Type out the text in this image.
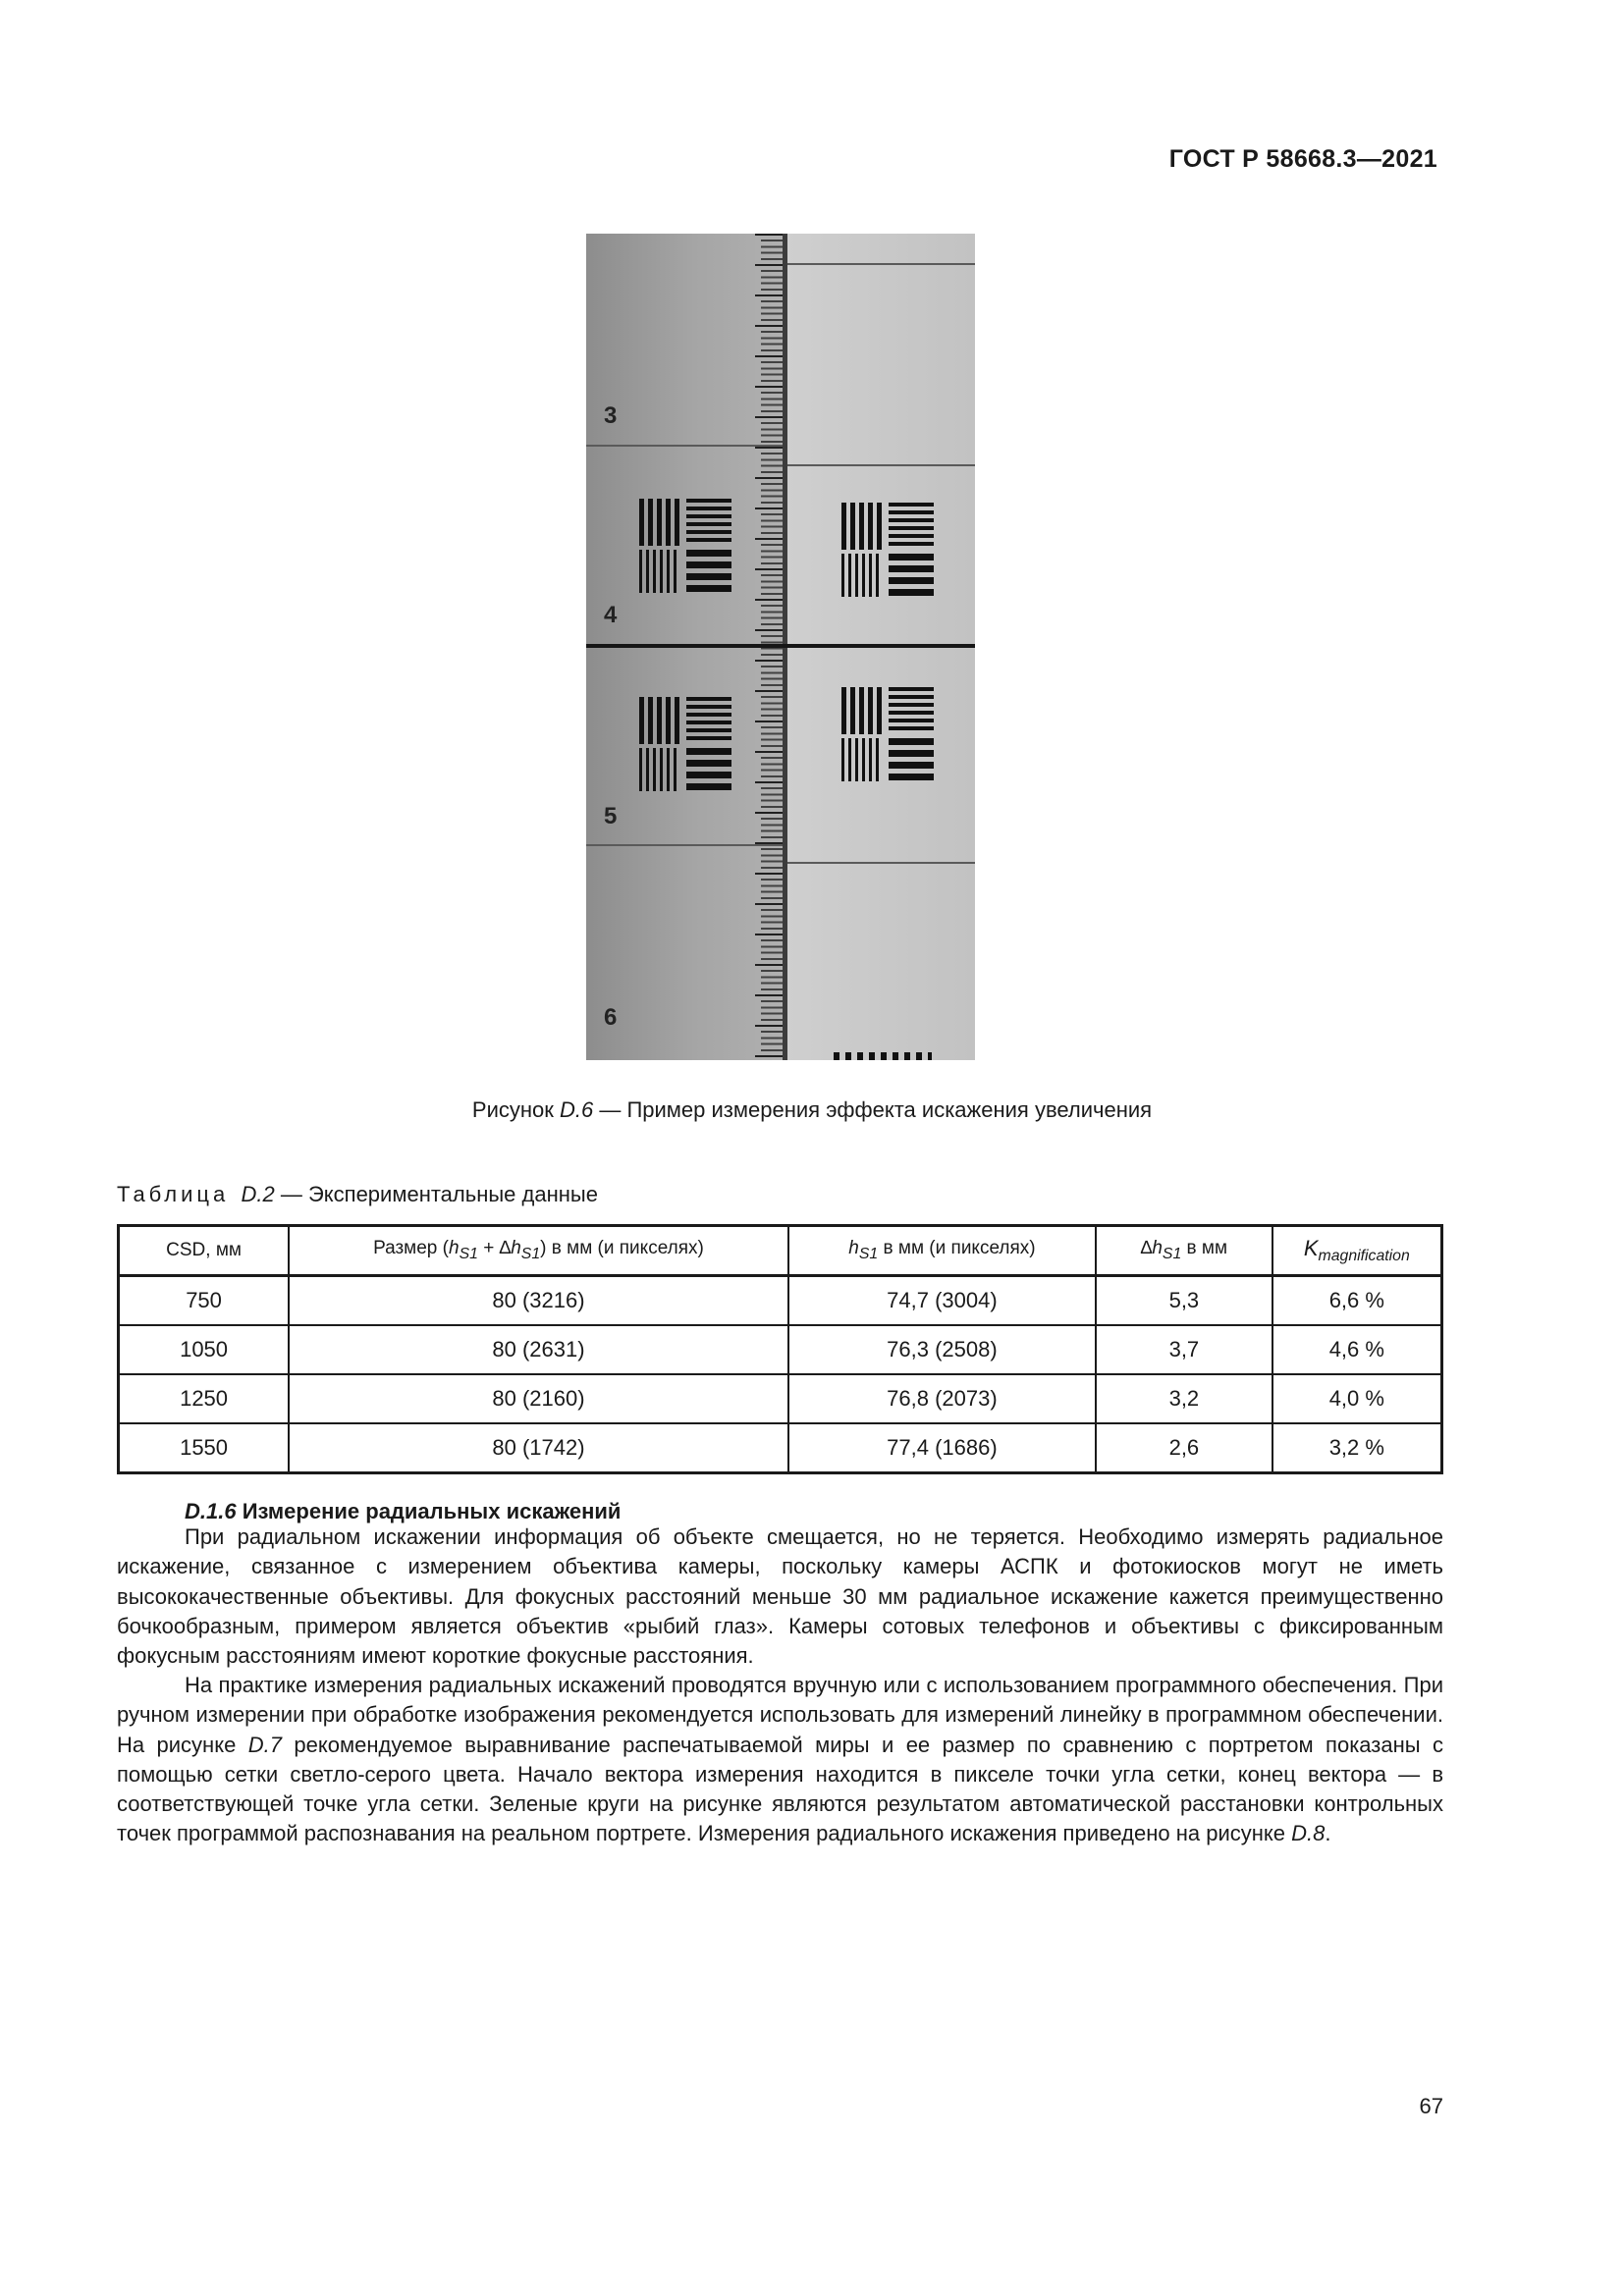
ГОСТ Р 58668.3—2021
3
4
5
6
Рисунок D.6 — Пример измерения эффекта искажения увеличения
Таблица D.2 — Экспериментальные данные
CSD, мм	Размер $(h_{S1} + \Delta h_{S1})$ в мм (и пикселях)	$h_{S1}$ в мм (и пикселях)	$\Delta h_{S1}$ в мм	$K_{magnification}$
750	80 (3216)	74,7 (3004)	5,3	6,6 %
1050	80 (2631)	76,3 (2508)	3,7	4,6 %
1250	80 (2160)	76,8 (2073)	3,2	4,0 %
1550	80 (1742)	77,4 (1686)	2,6	3,2 %
D.1.6 Измерение радиальных искажений

При радиальном искажении информация об объекте смещается, но не теряется. Необходимо измерять радиальное искажение, связанное с измерением объектива камеры, поскольку камеры АСПК и фотокиосков могут не иметь высококачественные объективы. Для фокусных расстояний меньше 30 мм радиальное искажение кажется преимущественно бочкообразным, примером является объектив «рыбий глаз». Камеры сотовых телефонов и объективы с фиксированным фокусным расстояниям имеют короткие фокусные расстояния.

На практике измерения радиальных искажений проводятся вручную или с использованием программного обеспечения. При ручном измерении при обработке изображения рекомендуется использовать для измерений линейку в программном обеспечении. На рисунке D.7 рекомендуемое выравнивание распечатываемой миры и ее размер по сравнению с портретом показаны с помощью сетки светло-серого цвета. Начало вектора измерения находится в пикселе точки угла сетки, конец вектора — в соответствующей точке угла сетки. Зеленые круги на рисунке являются результатом автоматической расстановки контрольных точек программой распознавания на реальном портрете. Измерения радиального искажения приведено на рисунке D.8.

67
